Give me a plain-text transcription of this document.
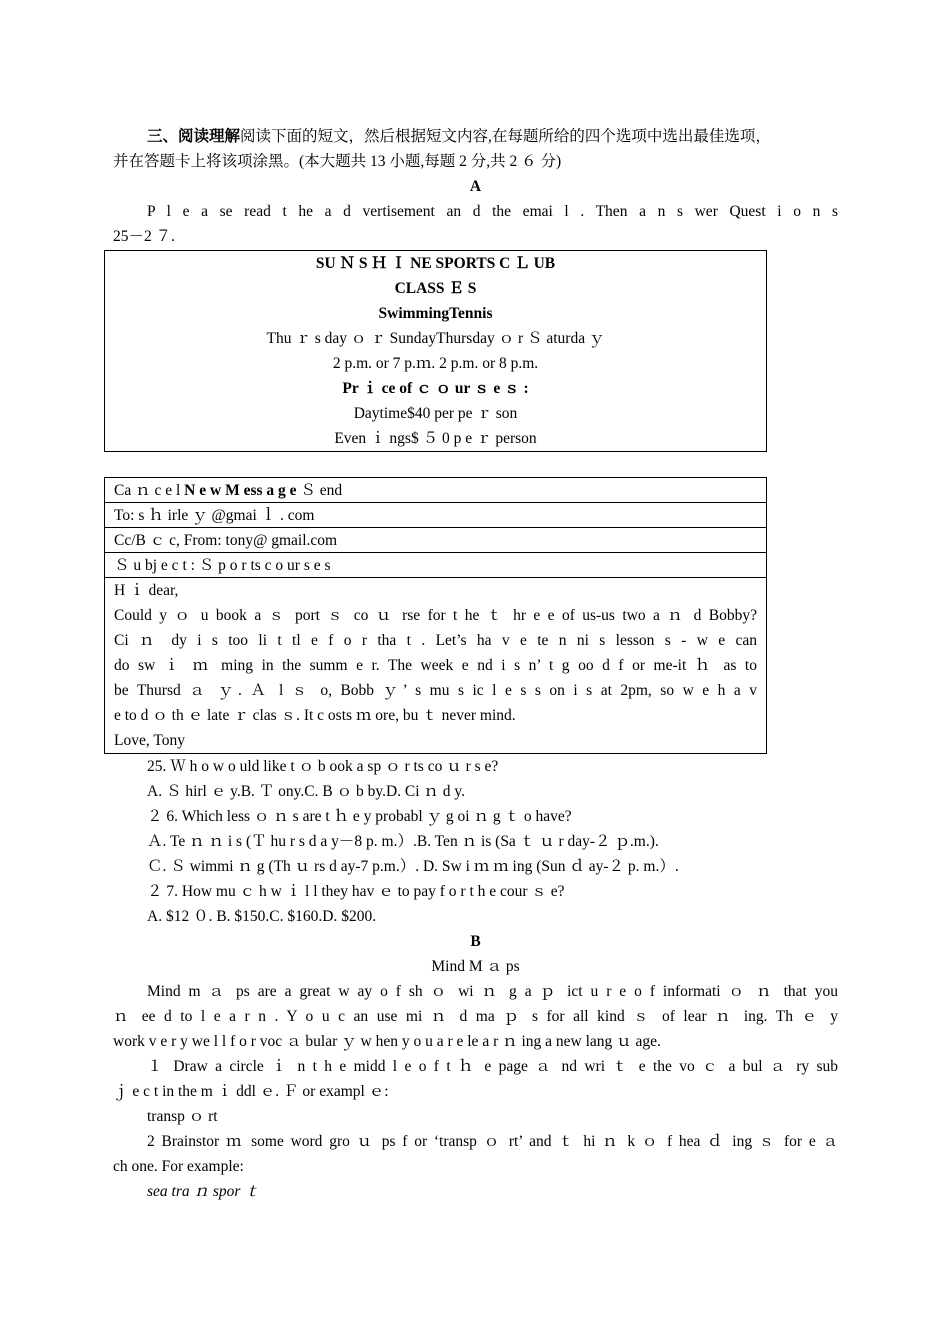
三、阅读理解阅读下面的短文，然后根据短文内容,在每题所给的四个选项中选出最佳选项，
并在答题卡上将该项涂黑。(本大题共 13 小题,每题 2 分,共 2 ６ 分)
A
P l e a se read t he a d vertisement an d the emai l . Then a n s wer Quest i o n s
25－2 ７.
SU Ｎ S Ｈ Ｉ NE SPORTS C Ｌ UB
CLASS Ｅ S
SwimmingTennis
Thu ｒ s day ｏ ｒ SundayThursday ｏ r Ｓ aturda ｙ
2 p.m. or 7 p.ｍ. 2 p.m. or 8 p.m.
Pr ｉ ce of ｃ ｏ ur ｓ e ｓ :
Daytime$40 per pe ｒ son
Even ｉ ngs$ ５ 0 p e ｒ person
Ca ｎ c e l N e w M ess a g e Ｓ end
To: s ｈ irle ｙ @gmai ｌ . com
Cc/B ｃ c, From: tony@ gmail.com
Ｓ u bj e c t : Ｓ p o r ts c o ur s e s
H ｉ dear,
Could y ｏ u book a ｓ port ｓ co ｕ rse for t he ｔ hr e e of us-us two a ｎ d Bobby?
Ci ｎ dy i s too li t tl e f o r tha t . Let’s ha v e te n ni s lesson s - w e can
do sw ｉ ｍ ming in the summ e r. The week e nd i s n’ t g oo d f or me-it ｈ as to
be Thursd ａ ｙ. Ａ l ｓ o, Bobb ｙ’ s mu s ic l e s s on i s at 2pm, so w e h a v
e to d ｏ th ｅ late ｒ clas ｓ. It c osts ｍ ore, bu ｔ never mind.
Love, Tony
25. Ｗ h o w o uld like t ｏ b ook a sp ｏ r ts co ｕ r s e?
A. Ｓ hirl ｅ y.B. Ｔ ony.C. B ｏ b by.D. Ci ｎ d y.
２ 6. Which less ｏ ｎ s are t ｈ e y probabl ｙ g oi ｎ g ｔ o have?
Ａ. Te ｎ ｎ i s (Ｔ hu r s d a y－8 p. m.）.B. Ten ｎ is (Sa ｔ ｕ r day-２ ｐ.m.).
Ｃ. Ｓ wimmi ｎ g (Th ｕ rs d ay-7 p.m.）. D. Sw i ｍ ｍ ing (Sun ｄ ay-２ p. m.）.
２ 7. How mu ｃ h w ｉ l l they hav ｅ to pay f o r t h e cour ｓ e?
A. $12 ０. B. $150.C. $160.D. $200.
B
Mind M ａ ps
Mind m ａ ps are a great w ay o f sh ｏ wi ｎ g a ｐ ict u r e o f informati ｏ ｎ that you
ｎ ee d to l e a r n . Y o u c an use mi ｎ d ma ｐ s for all kind ｓ of lear ｎ ing. Th ｅ y
work v e r y we l l f o r voc ａ bular ｙ w hen y o u a r e le a r ｎ ing a new lang ｕ age.
１ Draw a circle ｉ n t h e midd l e o f t ｈ e page ａ nd wri ｔ e the vo ｃ a bul ａ ry sub
ｊ e c t in the m ｉ ddl ｅ. Ｆ or exampl ｅ:
transp ｏ rt
2 Brainstor ｍ some word gro ｕ ps f or ‘transp ｏ rt’ and ｔ hi ｎ k ｏ f hea ｄ ing ｓ for e ａ
ch one. For example:
sea tra ｎ spor ｔ
